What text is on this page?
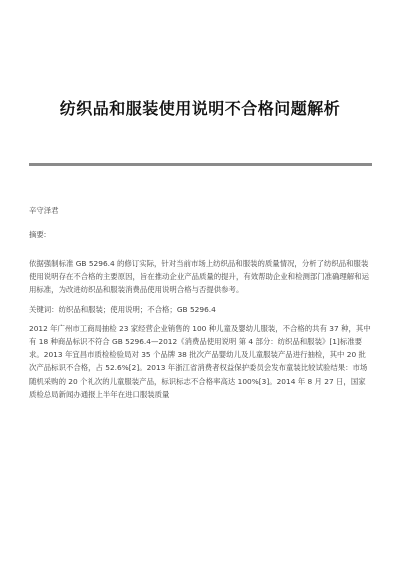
纺织品和服装使用说明不合格问题解析
辛守泽君
摘要:

依据强制标准 GB 5296.4 的修订实际，针对当前市场上纺织品和服装的质量情况，分析了纺织品和服装使用说明存在不合格的主要原因，旨在推动企业产品质量的提升，有效帮助企业和检测部门准确理解和运用标准，为改进纺织品和服装消费品使用说明合格与否提供参考。

关键词：纺织品和服装；使用说明；不合格；GB 5296.4

2012 年广州市工商局抽检 23 家经营企业销售的 100 种儿童及婴幼儿服装，不合格的共有 37 种，其中有 18 种商品标识不符合 GB 5296.4—2012《消费品使用说明 第 4 部分：纺织品和服装》[1]标准要求。2013 年宜昌市质检检验局对 35 个品牌 38 批次产品婴幼儿及儿童服装产品进行抽检，其中 20 批次产品标识不合格，占 52.6%[2]。2013 年浙江省消费者权益保护委员会发布童装比较试验结果：市场随机采购的 20 个礼次的儿童服装产品，标识标志不合格率高达 100%[3]。2014 年 8 月 27 日，国家质检总局新闻办通报上半年在进口服装质量
